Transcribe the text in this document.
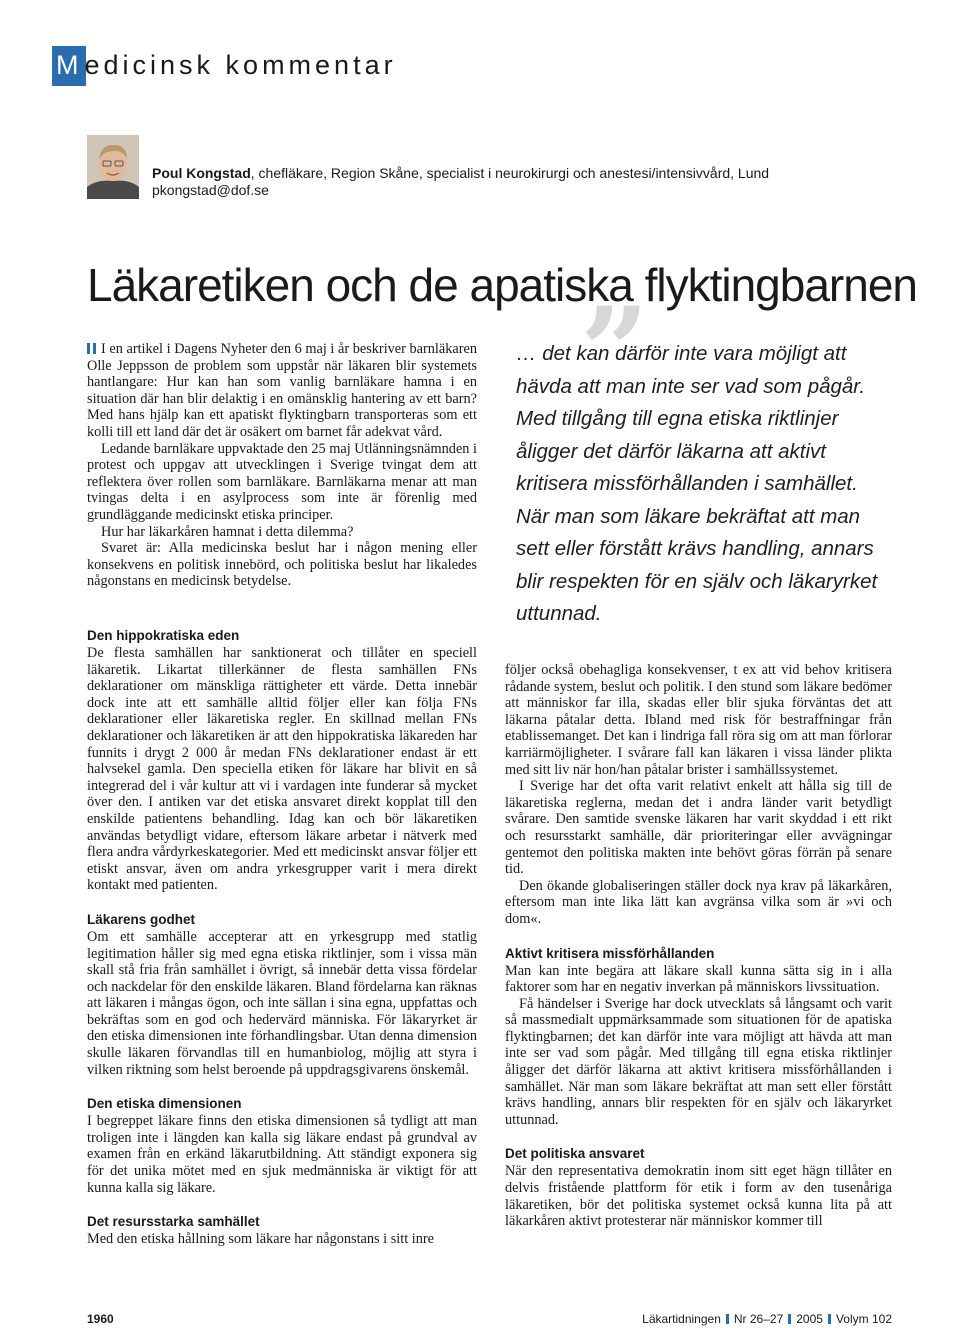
Medicinsk kommentar
Poul Kongstad, chefläkare, Region Skåne, specialist i neurokirurgi och anestesi/intensivvård, Lund
pkongstad@dof.se
Läkaretiken och de apatiska flyktingbarnen

I en artikel i Dagens Nyheter den 6 maj i år beskriver barnläkaren Olle Jeppsson de problem som uppstår när läkaren blir systemets hantlangare: Hur kan han som vanlig barnläkare hamna i en situation där han blir delaktig i en omänsklig hantering av ett barn? Med hans hjälp kan ett apatiskt flyktingbarn transporteras som ett kolli till ett land där det är osäkert om barnet får adekvat vård.

Ledande barnläkare uppvaktade den 25 maj Utlänningsnämnden i protest och uppgav att utvecklingen i Sverige tvingat dem att reflektera över rollen som barnläkare. Barnläkarna menar att man tvingas delta i en asylprocess som inte är förenlig med grundläggande medicinskt etiska principer.

Hur har läkarkåren hamnat i detta dilemma?

Svaret är: Alla medicinska beslut har i någon mening eller konsekvens en politisk innebörd, och politiska beslut har likaledes någonstans en medicinsk betydelse.

”
… det kan därför inte vara möjligt att hävda att man inte ser vad som pågår. Med tillgång till egna etiska riktlinjer åligger det därför läkarna att aktivt kritisera missförhållanden i samhället. När man som läkare bekräftat att man sett eller förstått krävs handling, annars blir respekten för en själv och läkaryrket uttunnad.
Den hippokratiska eden

De flesta samhällen har sanktionerat och tillåter en speciell läkaretik. Likartat tillerkänner de flesta samhällen FNs deklarationer om mänskliga rättigheter ett värde. Detta innebär dock inte att ett samhälle alltid följer eller kan följa FNs deklarationer eller läkaretiska regler. En skillnad mellan FNs deklarationer och läkaretiken är att den hippokratiska läkareden har funnits i drygt 2 000 år medan FNs deklarationer endast är ett halvsekel gamla. Den speciella etiken för läkare har blivit en så integrerad del i vår kultur att vi i vardagen inte funderar så mycket över den. I antiken var det etiska ansvaret direkt kopplat till den enskilde patientens behandling. Idag kan och bör läkaretiken användas betydligt vidare, eftersom läkare arbetar i nätverk med flera andra vårdyrkeskategorier. Med ett medicinskt ansvar följer ett etiskt ansvar, även om andra yrkesgrupper varit i mera direkt kontakt med patienten.

Läkarens godhet

Om ett samhälle accepterar att en yrkesgrupp med statlig legitimation håller sig med egna etiska riktlinjer, som i vissa män skall stå fria från samhället i övrigt, så innebär detta vissa fördelar och nackdelar för den enskilde läkaren. Bland fördelarna kan räknas att läkaren i mångas ögon, och inte sällan i sina egna, uppfattas och bekräftas som en god och hedervärd människa. För läkaryrket är den etiska dimensionen inte förhandlingsbar. Utan denna dimension skulle läkaren förvandlas till en humanbiolog, möjlig att styra i vilken riktning som helst beroende på uppdragsgivarens önskemål.

Den etiska dimensionen

I begreppet läkare finns den etiska dimensionen så tydligt att man troligen inte i längden kan kalla sig läkare endast på grundval av examen från en erkänd läkarutbildning. Att ständigt exponera sig för det unika mötet med en sjuk medmänniska är viktigt för att kunna kalla sig läkare.

Det resursstarka samhället

Med den etiska hållning som läkare har någonstans i sitt inre

följer också obehagliga konsekvenser, t ex att vid behov kritisera rådande system, beslut och politik. I den stund som läkare bedömer att människor far illa, skadas eller blir sjuka förväntas det att läkarna påtalar detta. Ibland med risk för bestraffningar från etablissemanget. Det kan i lindriga fall röra sig om att man förlorar karriärmöjligheter. I svårare fall kan läkaren i vissa länder plikta med sitt liv när hon/han påtalar brister i samhällssystemet.

I Sverige har det ofta varit relativt enkelt att hålla sig till de läkaretiska reglerna, medan det i andra länder varit betydligt svårare. Den samtide svenske läkaren har varit skyddad i ett rikt och resursstarkt samhälle, där prioriteringar eller avvägningar gentemot den politiska makten inte behövt göras förrän på senare tid.

Den ökande globaliseringen ställer dock nya krav på läkarkåren, eftersom man inte lika lätt kan avgränsa vilka som är »vi och dom«.

Aktivt kritisera missförhållanden

Man kan inte begära att läkare skall kunna sätta sig in i alla faktorer som har en negativ inverkan på människors livssituation.

Få händelser i Sverige har dock utvecklats så långsamt och varit så massmedialt uppmärksammade som situationen för de apatiska flyktingbarnen; det kan därför inte vara möjligt att hävda att man inte ser vad som pågår. Med tillgång till egna etiska riktlinjer åligger det därför läkarna att aktivt kritisera missförhållanden i samhället. När man som läkare bekräftat att man sett eller förstått krävs handling, annars blir respekten för en själv och läkaryrket uttunnad.

Det politiska ansvaret

När den representativa demokratin inom sitt eget hägn tillåter en delvis fristående plattform för etik i form av den tusenåriga läkaretiken, bör det politiska systemet också kunna lita på att läkarkåren aktivt protesterar när människor kommer till

1960	Läkartidningen Nr 26–27 2005 Volym 102
